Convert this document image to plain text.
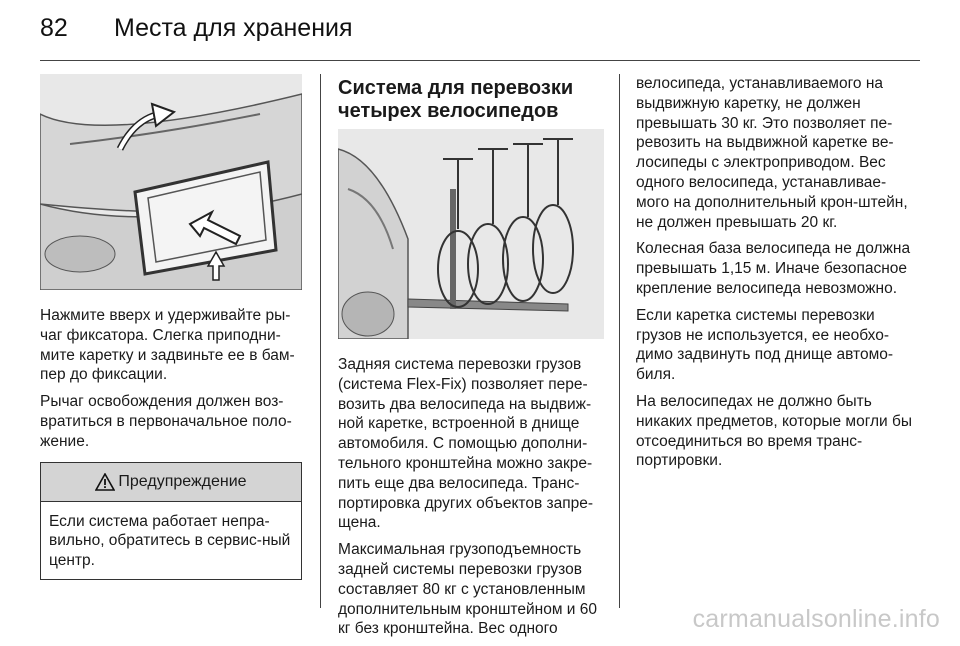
82 Места для хранения

Нажмите вверх и удерживайте ры-чаг фиксатора. Слегка приподни-мите каретку и задвиньте ее в бам-пер до фиксации.

Рычаг освобождения должен воз-вратиться в первоначальное поло-жение.

Предупреждение

Если система работает непра-вильно, обратитесь в сервис-ный центр.

Система для перевозки четырех велосипедов

Задняя система перевозки грузов (система Flex-Fix) позволяет пере-возить два велосипеда на выдвиж-ной каретке, встроенной в днище автомобиля. С помощью дополни-тельного кронштейна можно закре-пить еще два велосипеда. Транс-портировка других объектов запре-щена.

Максимальная грузоподъемность задней системы перевозки грузов составляет 80 кг с установленным дополнительным кронштейном и 60 кг без кронштейна. Вес одного

велосипеда, устанавливаемого на выдвижную каретку, не должен превышать 30 кг. Это позволяет пе-ревозить на выдвижной каретке ве-лосипеды с электроприводом. Вес одного велосипеда, устанавливае-мого на дополнительный крон-штейн, не должен превышать 20 кг.

Колесная база велосипеда не должна превышать 1,15 м. Иначе безопасное крепление велосипеда невозможно.

Если каретка системы перевозки грузов не используется, ее необхо-димо задвинуть под днище автомо-биля.

На велосипедах не должно быть никаких предметов, которые могли бы отсоединиться во время транс-портировки.

carmanualsonline.info
